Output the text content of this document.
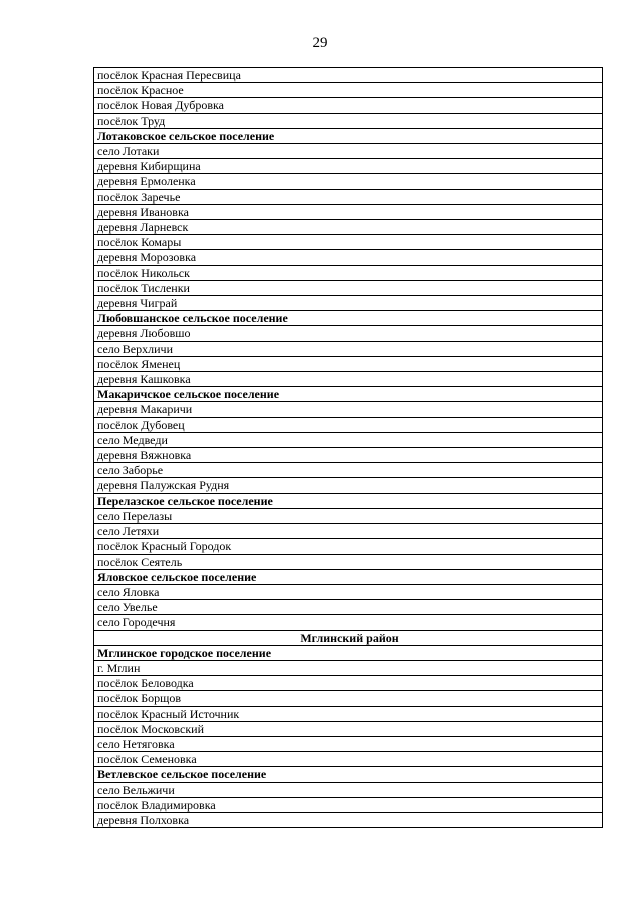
29
посёлок Красная Пересвица
посёлок Красное
посёлок Новая Дубровка
посёлок Труд
Лотаковское сельское поселение
село Лотаки
деревня Кибирщина
деревня Ермоленка
посёлок Заречье
деревня Ивановка
деревня Ларневск
посёлок Комары
деревня Морозовка
посёлок Никольск
посёлок Тисленки
деревня Чиграй
Любовшанское сельское поселение
деревня Любовшо
село Верхличи
посёлок Яменец
деревня Кашковка
Макаричское сельское поселение
деревня Макаричи
посёлок Дубовец
село Медведи
деревня Вяжновка
село Заборье
деревня Палужская Рудня
Перелазское сельское поселение
село Перелазы
село Летяхи
посёлок Красный Городок
посёлок Сеятель
Яловское сельское поселение
село Яловка
село Увелье
село Городечня
Мглинский район
Мглинское городское поселение
г. Мглин
посёлок Беловодка
посёлок Борщов
посёлок Красный Источник
посёлок Московский
село Нетяговка
посёлок Семеновка
Ветлевское сельское поселение
село Вельжичи
посёлок Владимировка
деревня Полховка
